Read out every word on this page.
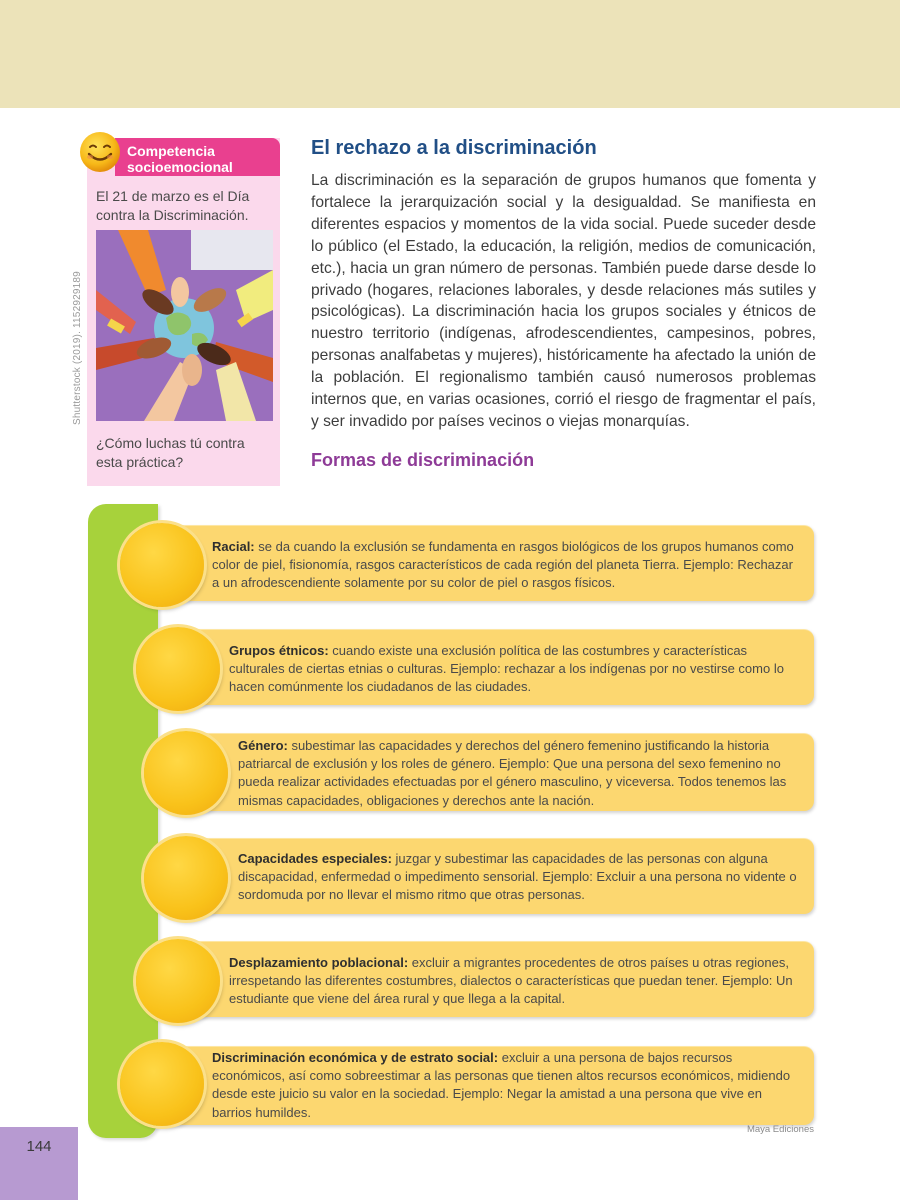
Competencia
socioemocional
El 21 de marzo es el Día contra la Discriminación.
Shutterstock (2019). 1152929189
¿Cómo luchas tú contra esta práctica?
El rechazo a la discriminación

La discriminación es la separación de grupos humanos que fomenta y fortalece la jerarquización social y la desigualdad. Se manifiesta en diferentes espacios y momentos de la vida social. Puede suceder desde lo público (el Estado, la educación, la religión, medios de comunicación, etc.), hacia un gran número de personas. También puede darse desde lo privado (hogares, relaciones laborales, y desde relaciones más sutiles y psicológicas). La discriminación hacia los grupos sociales y étnicos de nuestro territorio (indígenas, afrodescendientes, campesinos, pobres, personas analfabetas y mujeres), históricamente ha afectado la unión de la población. El regionalismo también causó numerosos problemas internos que, en varias ocasiones, corrió el riesgo de fragmentar el país, y ser invadido por países vecinos o viejas monarquías.

Formas de discriminación
Racial: se da cuando la exclusión se fundamenta en rasgos biológicos de los grupos humanos como color de piel, fisionomía, rasgos característicos de cada región del planeta Tierra. Ejemplo: Rechazar a un afrodescendiente solamente por su color de piel o rasgos físicos.
Grupos étnicos: cuando existe una exclusión política de las costumbres y características culturales de ciertas etnias o culturas. Ejemplo: rechazar a los indígenas por no vestirse como lo hacen comúnmente los ciudadanos de las ciudades.
Género: subestimar las capacidades y derechos del género femenino justificando la historia patriarcal de exclusión y los roles de género. Ejemplo: Que una persona del sexo femenino no pueda realizar actividades efectuadas por el género masculino, y viceversa. Todos tenemos las mismas capacidades, obligaciones y derechos ante la nación.
Capacidades especiales: juzgar y subestimar las capacidades de las personas con alguna discapacidad, enfermedad o impedimento sensorial. Ejemplo: Excluir a una persona no vidente o sordomuda por no llevar el mismo ritmo que otras personas.
Desplazamiento poblacional: excluir a migrantes procedentes de otros países u otras regiones, irrespetando las diferentes costumbres, dialectos o características que puedan tener. Ejemplo: Un estudiante que viene del área rural y que llega a la capital.
Discriminación económica y de estrato social: excluir a una persona de bajos recursos económicos, así como sobreestimar a las personas que tienen altos recursos económicos, midiendo desde este juicio su valor en la sociedad. Ejemplo: Negar la amistad a una persona que vive en barrios humildes.
Maya Ediciones
144
